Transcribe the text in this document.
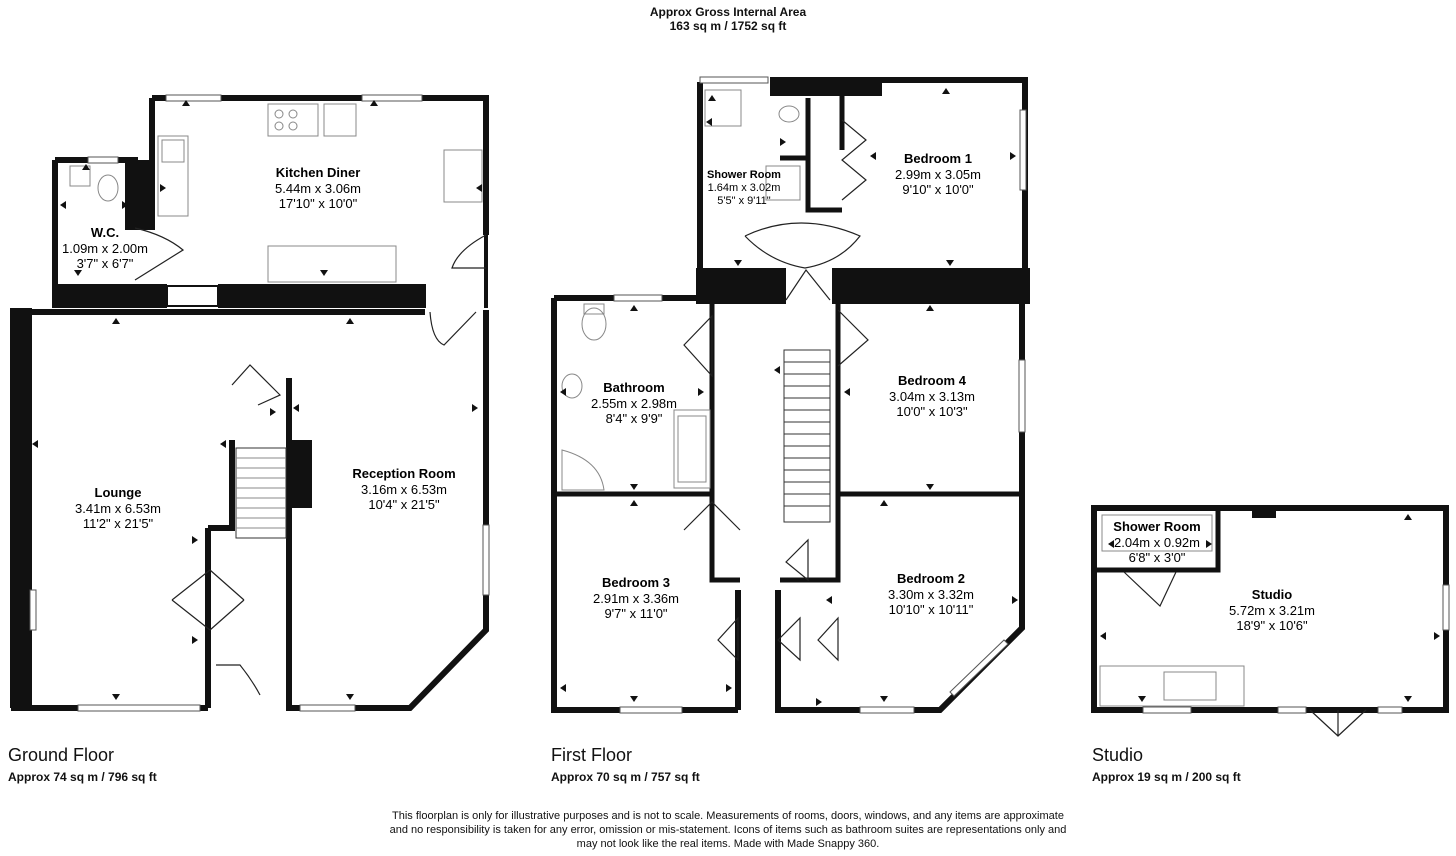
Approx Gross Internal Area
163 sq m / 1752 sq ft
Kitchen Diner
5.44m x 3.06m
17'10" x 10'0"
W.C.
1.09m x 2.00m
3'7" x 6'7"
Lounge
3.41m x 6.53m
11'2" x 21'5"
Reception Room
3.16m x 6.53m
10'4" x 21'5"
Shower Room
1.64m x 3.02m
5'5" x 9'11"
Bedroom 1
2.99m x 3.05m
9'10" x 10'0"
Bathroom
2.55m x 2.98m
8'4" x 9'9"
Bedroom 4
3.04m x 3.13m
10'0" x 10'3"
Bedroom 3
2.91m x 3.36m
9'7" x 11'0"
Bedroom 2
3.30m x 3.32m
10'10" x 10'11"
Shower Room
2.04m x 0.92m
6'8" x 3'0"
Studio
5.72m x 3.21m
18'9" x 10'6"
Ground Floor
Approx 74 sq m / 796 sq ft
First Floor
Approx 70 sq m / 757 sq ft
Studio
Approx 19 sq m / 200 sq ft
This floorplan is only for illustrative purposes and is not to scale. Measurements of rooms, doors, windows, and any items are approximate
and no responsibility is taken for any error, omission or mis-statement. Icons of items such as bathroom suites are representations only and
may not look like the real items. Made with Made Snappy 360.
